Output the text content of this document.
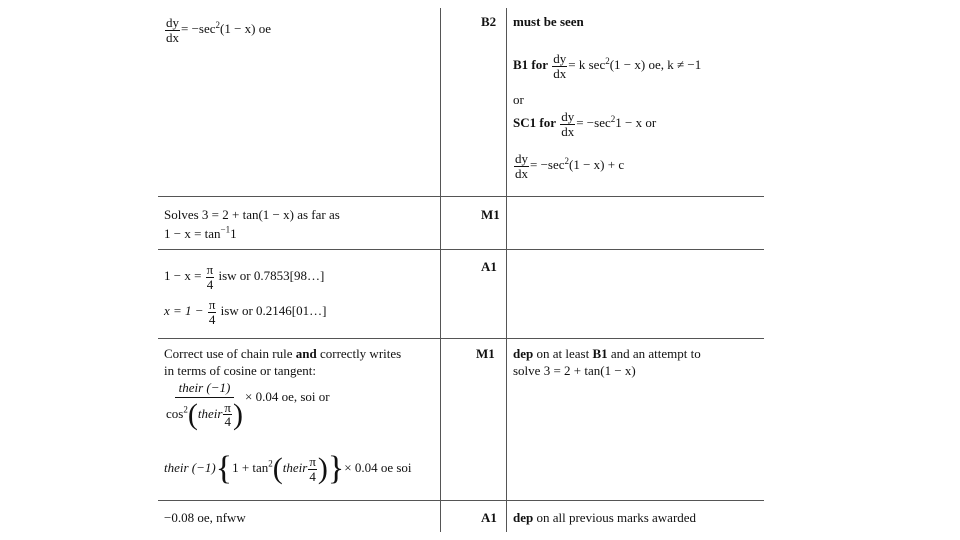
$\frac{dy}{dx} = -\sec^2(1 - x)$ oe	B2 must be seen
B1 for $\frac{dy}{dx} = k$ $\sec^2(1 - x)$ oe, k ≠ −1
or
SC1 for $\frac{dy}{dx} = -\sec^21 - x$ or
$\frac{dy}{dx} = -\sec^2(1 - x) + c$
Solves 3 = 2 + tan(1 − x) as far as
$1 - x = \tan^{-1}1$
M1
$1 - x = \frac{\pi}{4}$ isw or 0.7853[98…]
$x = 1 - \frac{\pi}{4}$ isw or 0.2146[01…]
A1
Correct use of chain rule and correctly writes
in terms of cosine or tangent:
$\frac{\text{their (−1)}}{\cos^2(their \frac{\pi}{4} )} \times 0.04$ oe, soi or
their $(-1)\{1 + \tan^2(their \frac{\pi}{4}$ )}× 0.04 oe soi
M1 dep on at least B1 and an attempt to
solve 3 = 2 + tan(1 − x)
−0.08 oe, nfww	A1 dep on all previous marks awarded
